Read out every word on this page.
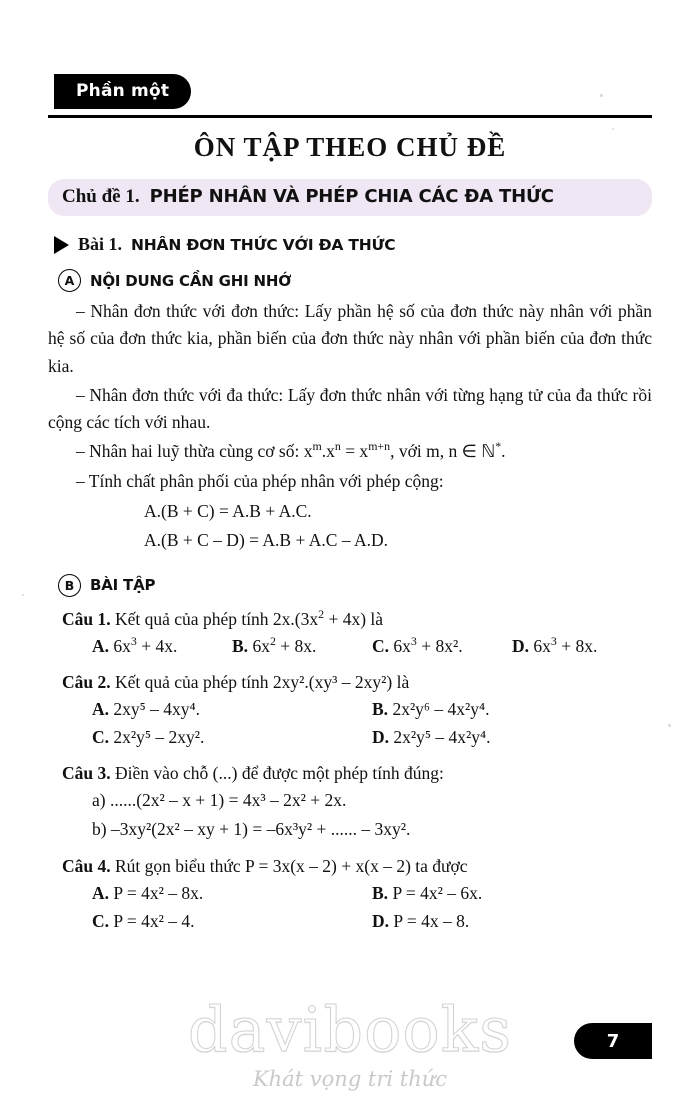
Phần một
ÔN TẬP THEO CHỦ ĐỀ
Chủ đề 1. PHÉP NHÂN VÀ PHÉP CHIA CÁC ĐA THỨC
Bài 1. NHÂN ĐƠN THỨC VỚI ĐA THỨC
A	NỘI DUNG CẦN GHI NHỚ
– Nhân đơn thức với đơn thức: Lấy phần hệ số của đơn thức này nhân với phần hệ số của đơn thức kia, phần biến của đơn thức này nhân với phần biến của đơn thức kia.
– Nhân đơn thức với đa thức: Lấy đơn thức nhân với từng hạng tử của đa thức rồi cộng các tích với nhau.
– Nhân hai luỹ thừa cùng cơ số: $x^m.x^n = x^{m+n}$, với m, n ∈ ℕ*.
– Tính chất phân phối của phép nhân với phép cộng:
A.(B + C) = A.B + A.C.
A.(B + C – D) = A.B + A.C – A.D.
B	BÀI TẬP
Câu 1. Kết quả của phép tính $2x.(3x^2 + 4x)$ là
A. $6x^3 + 4x$.	B. $6x^2 + 8x$.	C. $6x^3 + 8x^2$.	D. $6x^3 + 8x$.
Câu 2. Kết quả của phép tính 2xy².(xy³ – 2xy²) là
A. 2xy⁵ – 4xy⁴.	B. 2x²y⁶ – 4x²y⁴.
C. 2x²y⁵ – 2xy².	D. 2x²y⁵ – 4x²y⁴.
Câu 3. Điền vào chỗ (...) để được một phép tính đúng:
a) ......(2x² – x + 1) = 4x³ – 2x² + 2x.
b) –3xy²(2x² – xy + 1) = –6x³y² + ...... – 3xy².
Câu 4. Rút gọn biểu thức P = 3x(x – 2) + x(x – 2) ta được
A. P = 4x² – 8x.	B. P = 4x² – 6x.
C. P = 4x² – 4.	D. P = 4x – 8.
davibooks
Khát vọng tri thức
7
